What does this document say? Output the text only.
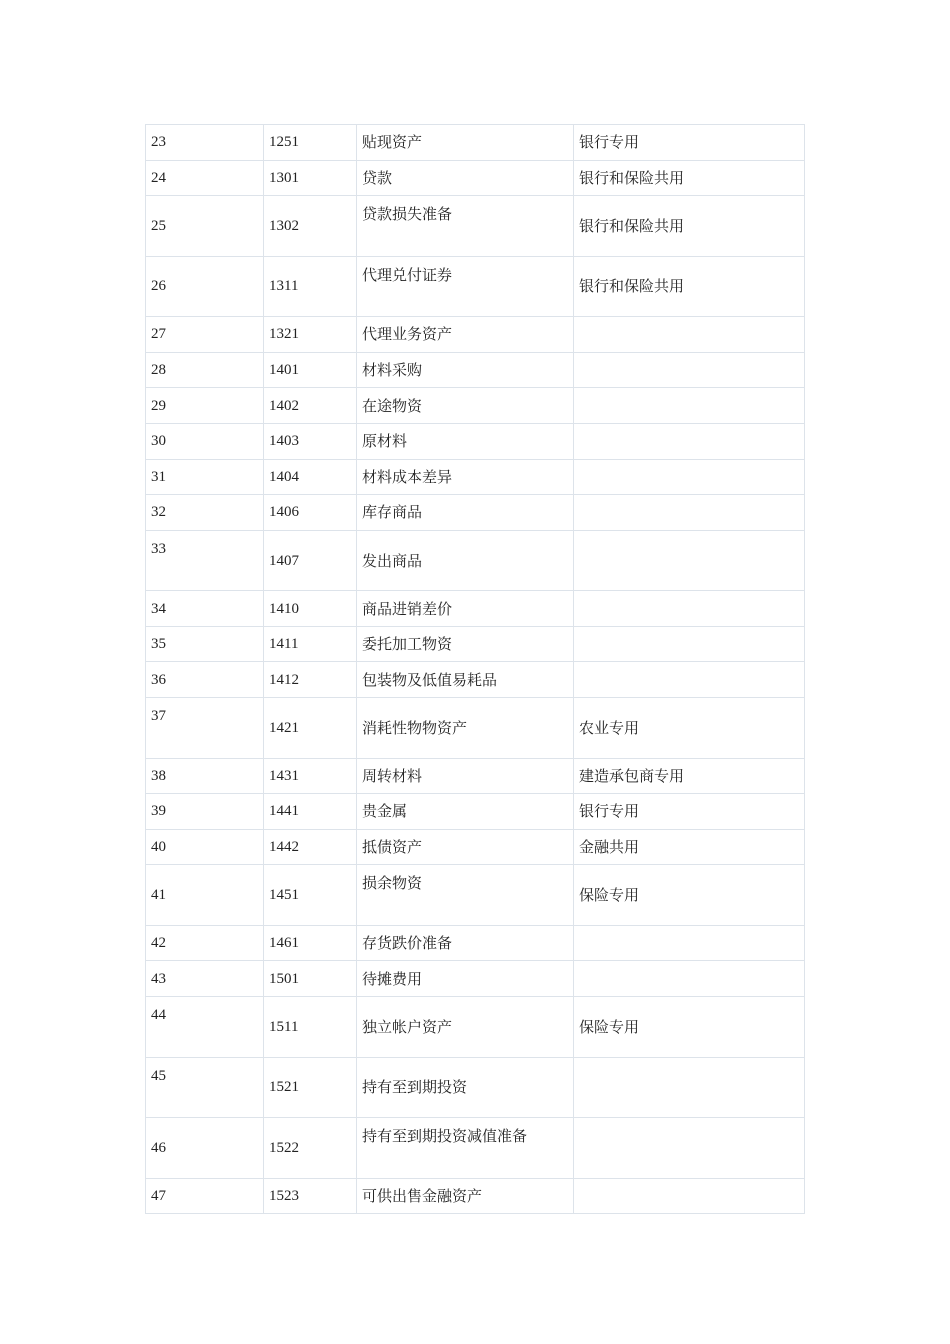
23	1251	贴现资产	银行专用
24	1301	贷款	银行和保险共用
25	1302	贷款损失准备	银行和保险共用
26	1311	代理兑付证券	银行和保险共用
27	1321	代理业务资产	
28	1401	材料采购	
29	1402	在途物资	
30	1403	原材料	
31	1404	材料成本差异	
32	1406	库存商品	
33	1407	发出商品	
34	1410	商品进销差价	
35	1411	委托加工物资	
36	1412	包装物及低值易耗品	
37	1421	消耗性物物资产	农业专用
38	1431	周转材料	建造承包商专用
39	1441	贵金属	银行专用
40	1442	抵债资产	金融共用
41	1451	损余物资	保险专用
42	1461	存货跌价准备	
43	1501	待摊费用	
44	1511	独立帐户资产	保险专用
45	1521	持有至到期投资	
46	1522	持有至到期投资减值准备	
47	1523	可供出售金融资产	
